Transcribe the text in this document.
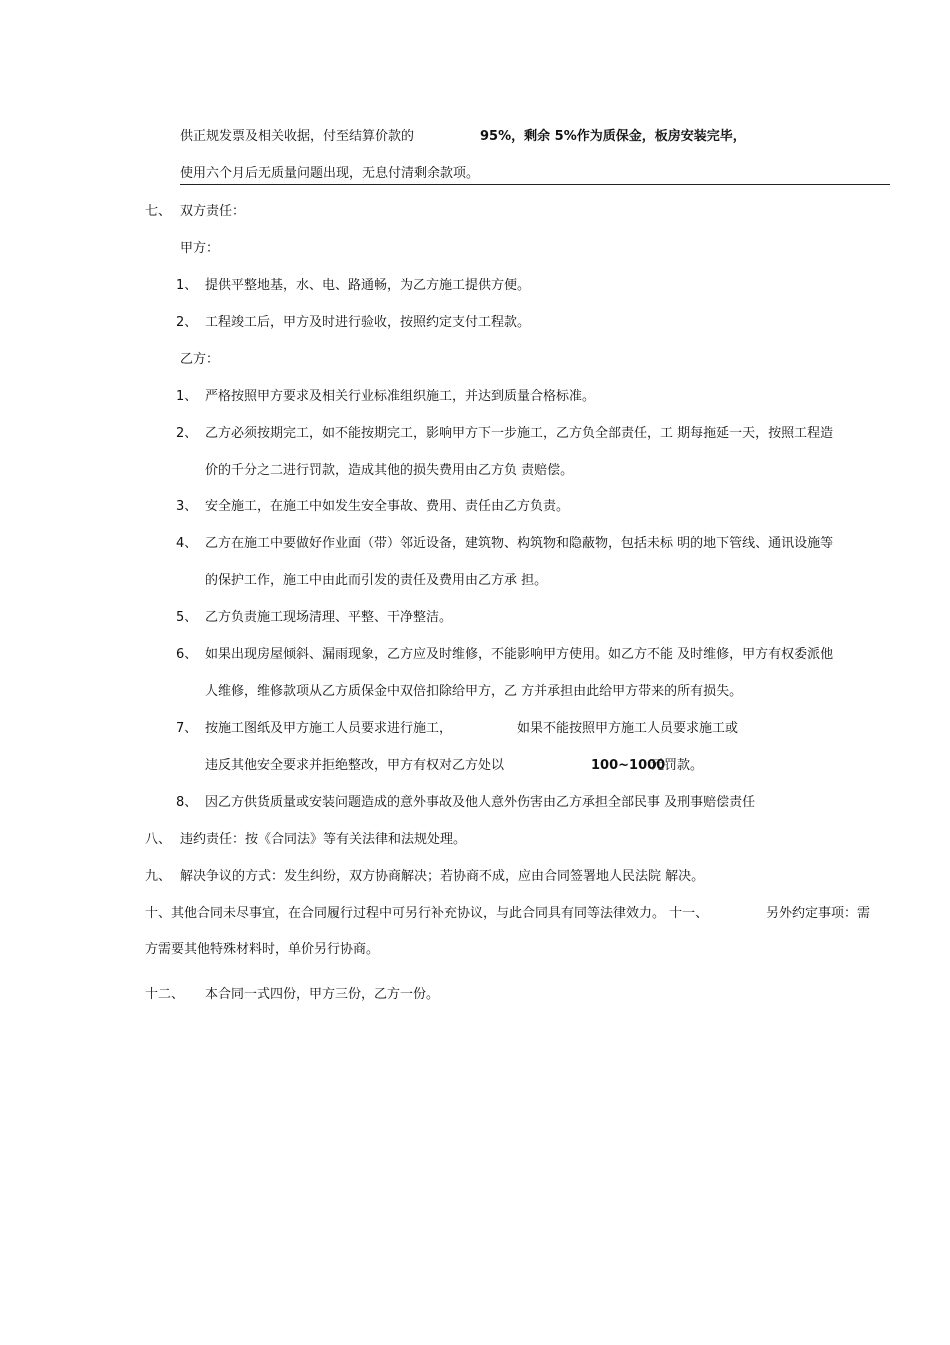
供正规发票及相关收据，付至结算价款的	95%，剩余 5%作为质保金，板房安装完毕，
使用六个月后无质量问题出现，无息付清剩余款项。
七、 双方责任：
甲方：
1、 提供平整地基，水、电、路通畅，为乙方施工提供方便。
2、 工程竣工后，甲方及时进行验收，按照约定支付工程款。
乙方：
1、 严格按照甲方要求及相关行业标准组织施工，并达到质量合格标准。
2、 乙方必须按期完工，如不能按期完工，影响甲方下一步施工，乙方负全部责任，工 期每拖延一天，按照工程造
价的千分之二进行罚款，造成其他的损失费用由乙方负 责赔偿。
3、 安全施工，在施工中如发生安全事故、费用、责任由乙方负责。
4、 乙方在施工中要做好作业面（带）邻近设备，建筑物、构筑物和隐蔽物，包括未标 明的地下管线、通讯设施等
的保护工作，施工中由此而引发的责任及费用由乙方承 担。
5、 乙方负责施工现场清理、平整、干净整洁。
6、 如果出现房屋倾斜、漏雨现象，乙方应及时维修，不能影响甲方使用。如乙方不能 及时维修，甲方有权委派他
人维修，维修款项从乙方质保金中双倍扣除给甲方，乙 方并承担由此给甲方带来的所有损失。
7、 按施工图纸及甲方施工人员要求进行施工，	如果不能按照甲方施工人员要求施工或
违反其他安全要求并拒绝整改，甲方有权对乙方处以	100~1000
元罚款。
8、 因乙方供货质量或安装问题造成的意外事故及他人意外伤害由乙方承担全部民事 及刑事赔偿责任
八、 违约责任：按《合同法》等有关法律和法规处理。
九、 解决争议的方式：发生纠纷，双方协商解决；若协商不成，应由合同签署地人民法院 解决。
十、其他合同未尽事宜，在合同履行过程中可另行补充协议，与此合同具有同等法律效力。 十一、	另外约定事项：需
方需要其他特殊材料时，单价另行协商。
十二、 本合同一式四份，甲方三份，乙方一份。
